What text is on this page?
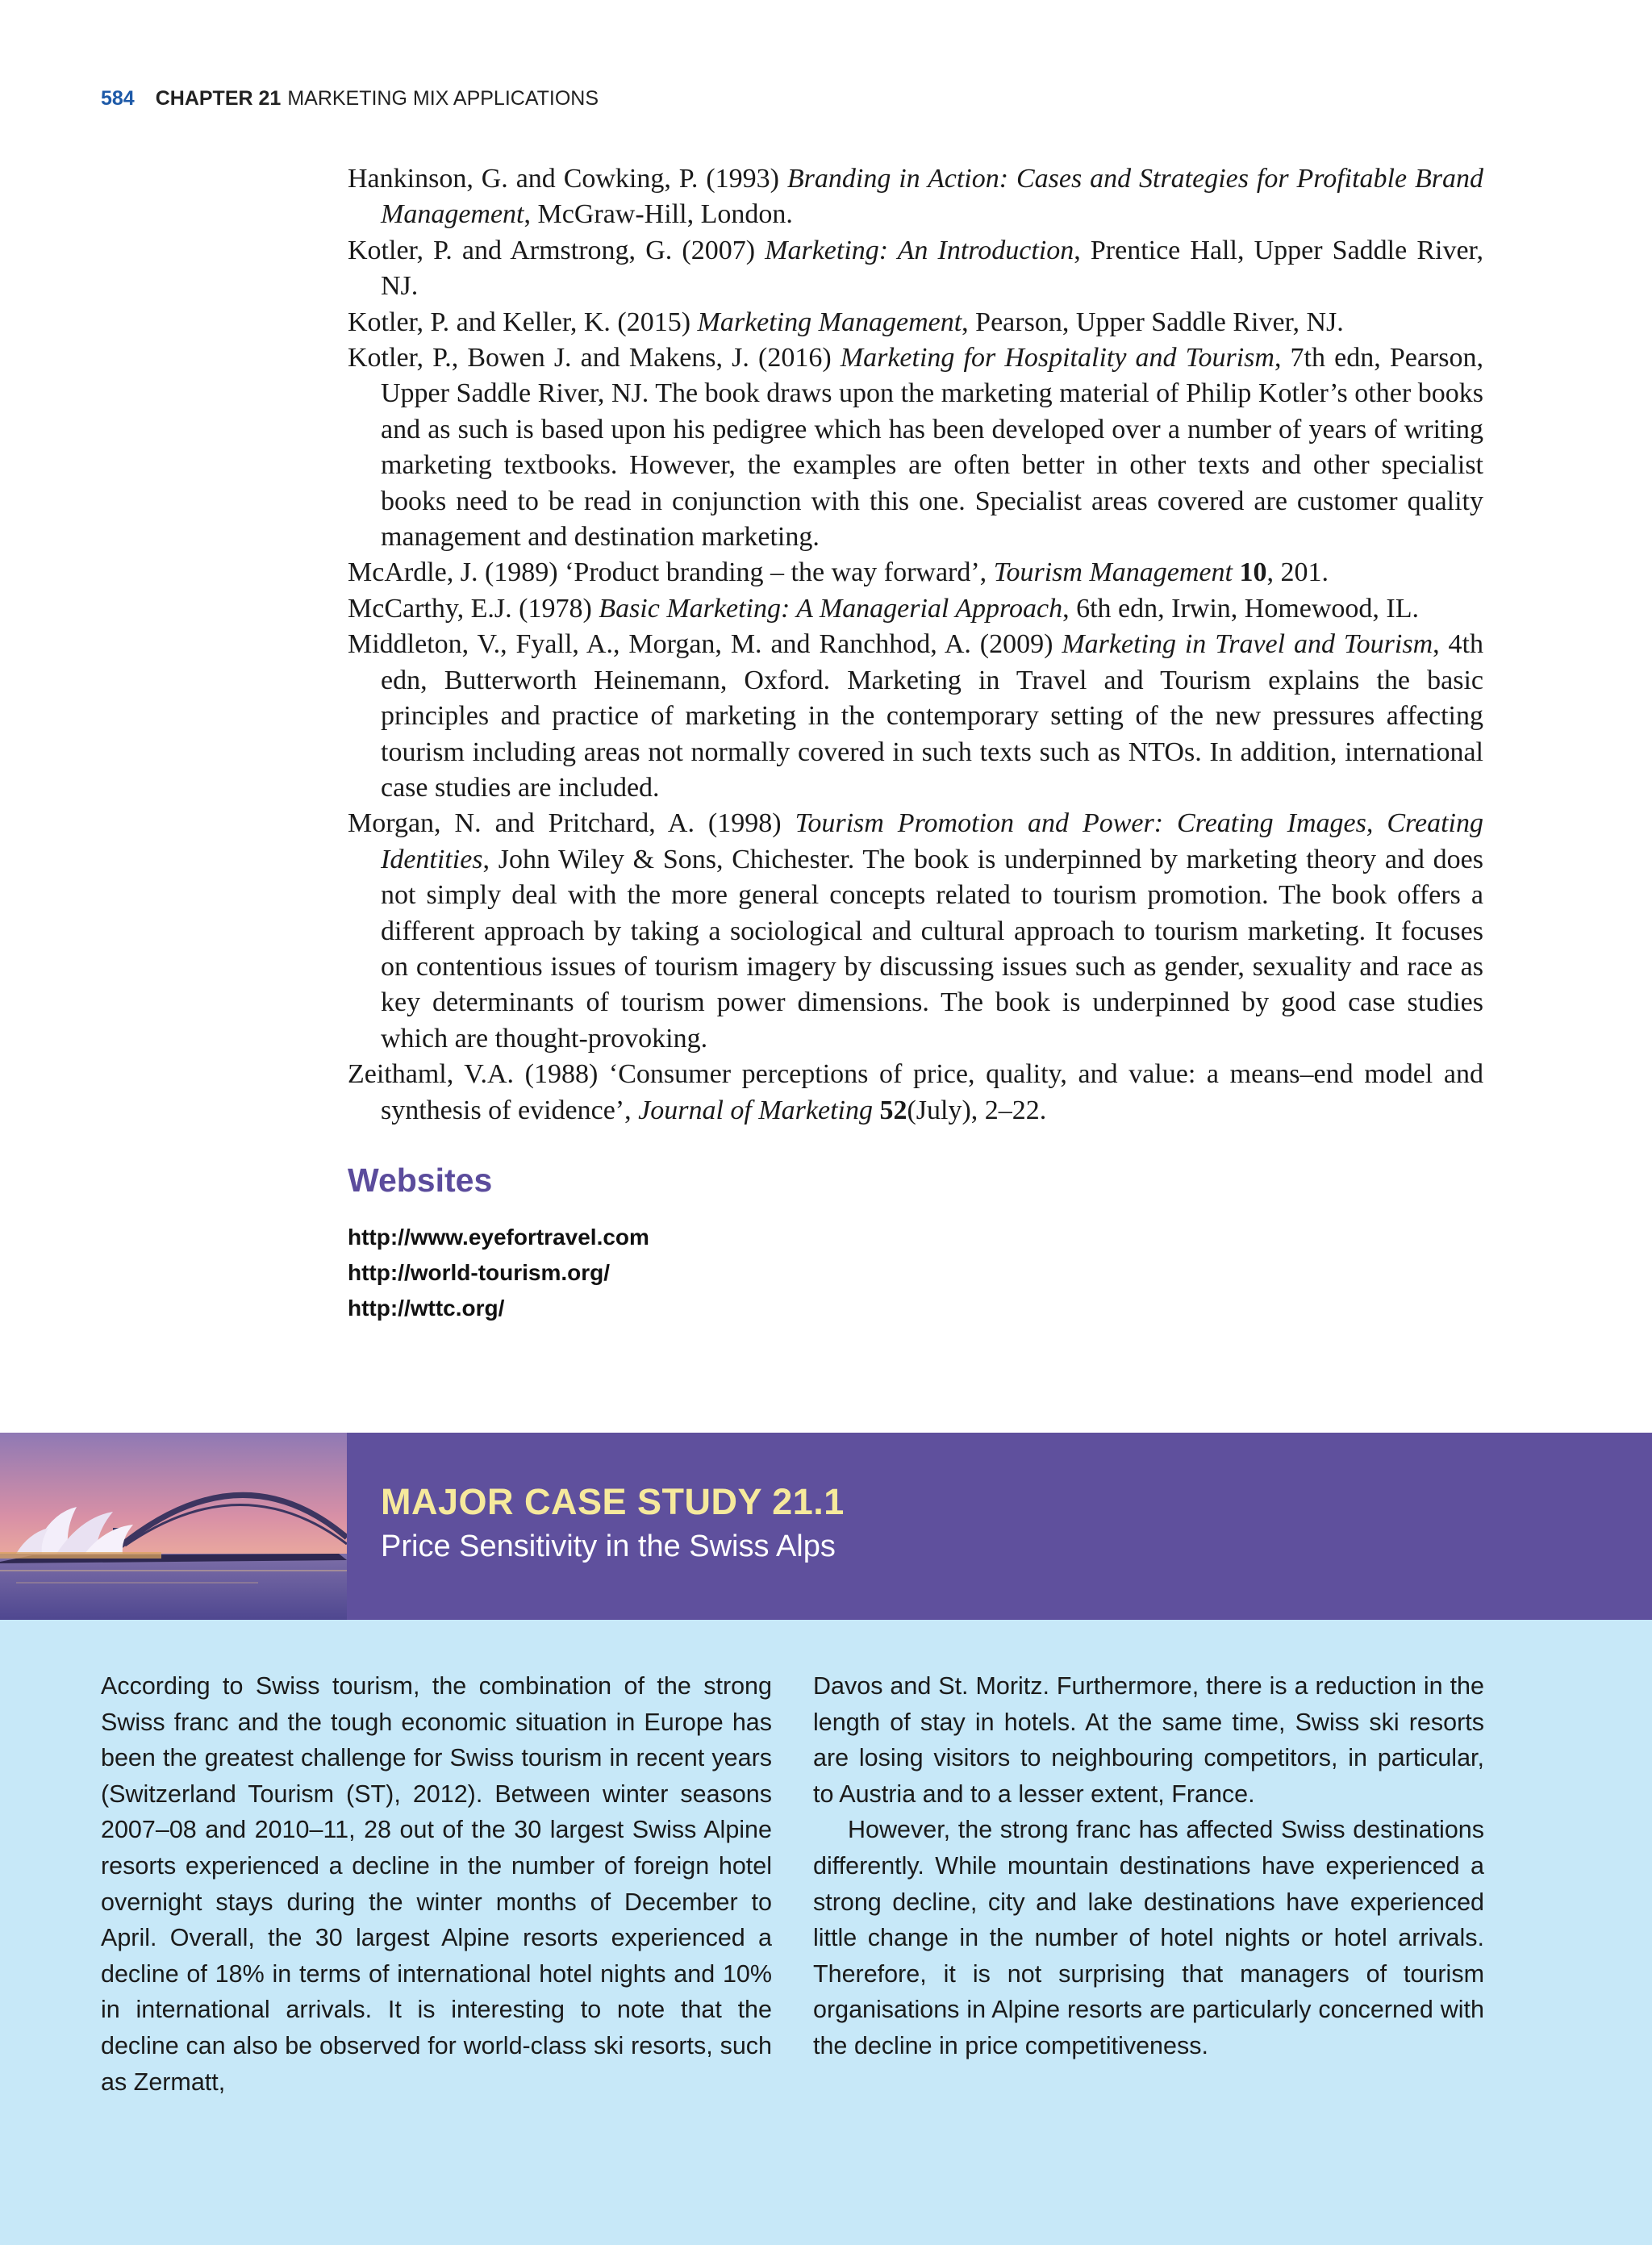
584 CHAPTER 21 MARKETING MIX APPLICATIONS
Hankinson, G. and Cowking, P. (1993) Branding in Action: Cases and Strategies for Profitable Brand Management, McGraw-Hill, London.
Kotler, P. and Armstrong, G. (2007) Marketing: An Introduction, Prentice Hall, Upper Saddle River, NJ.
Kotler, P. and Keller, K. (2015) Marketing Management, Pearson, Upper Saddle River, NJ.
Kotler, P., Bowen J. and Makens, J. (2016) Marketing for Hospitality and Tourism, 7th edn, Pearson, Upper Saddle River, NJ. The book draws upon the marketing material of Philip Kotler’s other books and as such is based upon his pedigree which has been developed over a number of years of writing marketing textbooks. However, the examples are often better in other texts and other specialist books need to be read in conjunction with this one. Specialist areas covered are customer quality management and destination marketing.
McArdle, J. (1989) ‘Product branding – the way forward’, Tourism Management 10, 201.
McCarthy, E.J. (1978) Basic Marketing: A Managerial Approach, 6th edn, Irwin, Homewood, IL.
Middleton, V., Fyall, A., Morgan, M. and Ranchhod, A. (2009) Marketing in Travel and Tourism, 4th edn, Butterworth Heinemann, Oxford. Marketing in Travel and Tourism explains the basic principles and practice of marketing in the contemporary setting of the new pressures affecting tourism including areas not normally covered in such texts such as NTOs. In addition, international case studies are included.
Morgan, N. and Pritchard, A. (1998) Tourism Promotion and Power: Creating Images, Creating Identities, John Wiley & Sons, Chichester. The book is underpinned by marketing theory and does not simply deal with the more general concepts related to tourism promotion. The book offers a different approach by taking a sociological and cultural approach to tourism marketing. It focuses on contentious issues of tourism imagery by discussing issues such as gender, sexuality and race as key determinants of tourism power dimensions. The book is underpinned by good case studies which are thought-provoking.
Zeithaml, V.A. (1988) ‘Consumer perceptions of price, quality, and value: a means–end model and synthesis of evidence’, Journal of Marketing 52(July), 2–22.
Websites
http://www.eyefortravel.com
http://world-tourism.org/
http://wttc.org/
MAJOR CASE STUDY 21.1
Price Sensitivity in the Swiss Alps

According to Swiss tourism, the combination of the strong Swiss franc and the tough economic situation in Europe has been the greatest challenge for Swiss tourism in recent years (Switzerland Tourism (ST), 2012). Between winter seasons 2007–08 and 2010–11, 28 out of the 30 largest Swiss Alpine resorts experienced a decline in the number of foreign hotel overnight stays during the winter months of December to April. Overall, the 30 largest Alpine resorts experienced a decline of 18% in terms of international hotel nights and 10% in international arrivals. It is interesting to note that the decline can also be observed for world-class ski resorts, such as Zermatt,

Davos and St. Moritz. Furthermore, there is a reduction in the length of stay in hotels. At the same time, Swiss ski resorts are losing visitors to neighbouring competitors, in particular, to Austria and to a lesser extent, France.

However, the strong franc has affected Swiss destinations differently. While mountain destinations have experienced a strong decline, city and lake destinations have experienced little change in the number of hotel nights or hotel arrivals. Therefore, it is not surprising that managers of tourism organisations in Alpine resorts are particularly concerned with the decline in price competitiveness.
